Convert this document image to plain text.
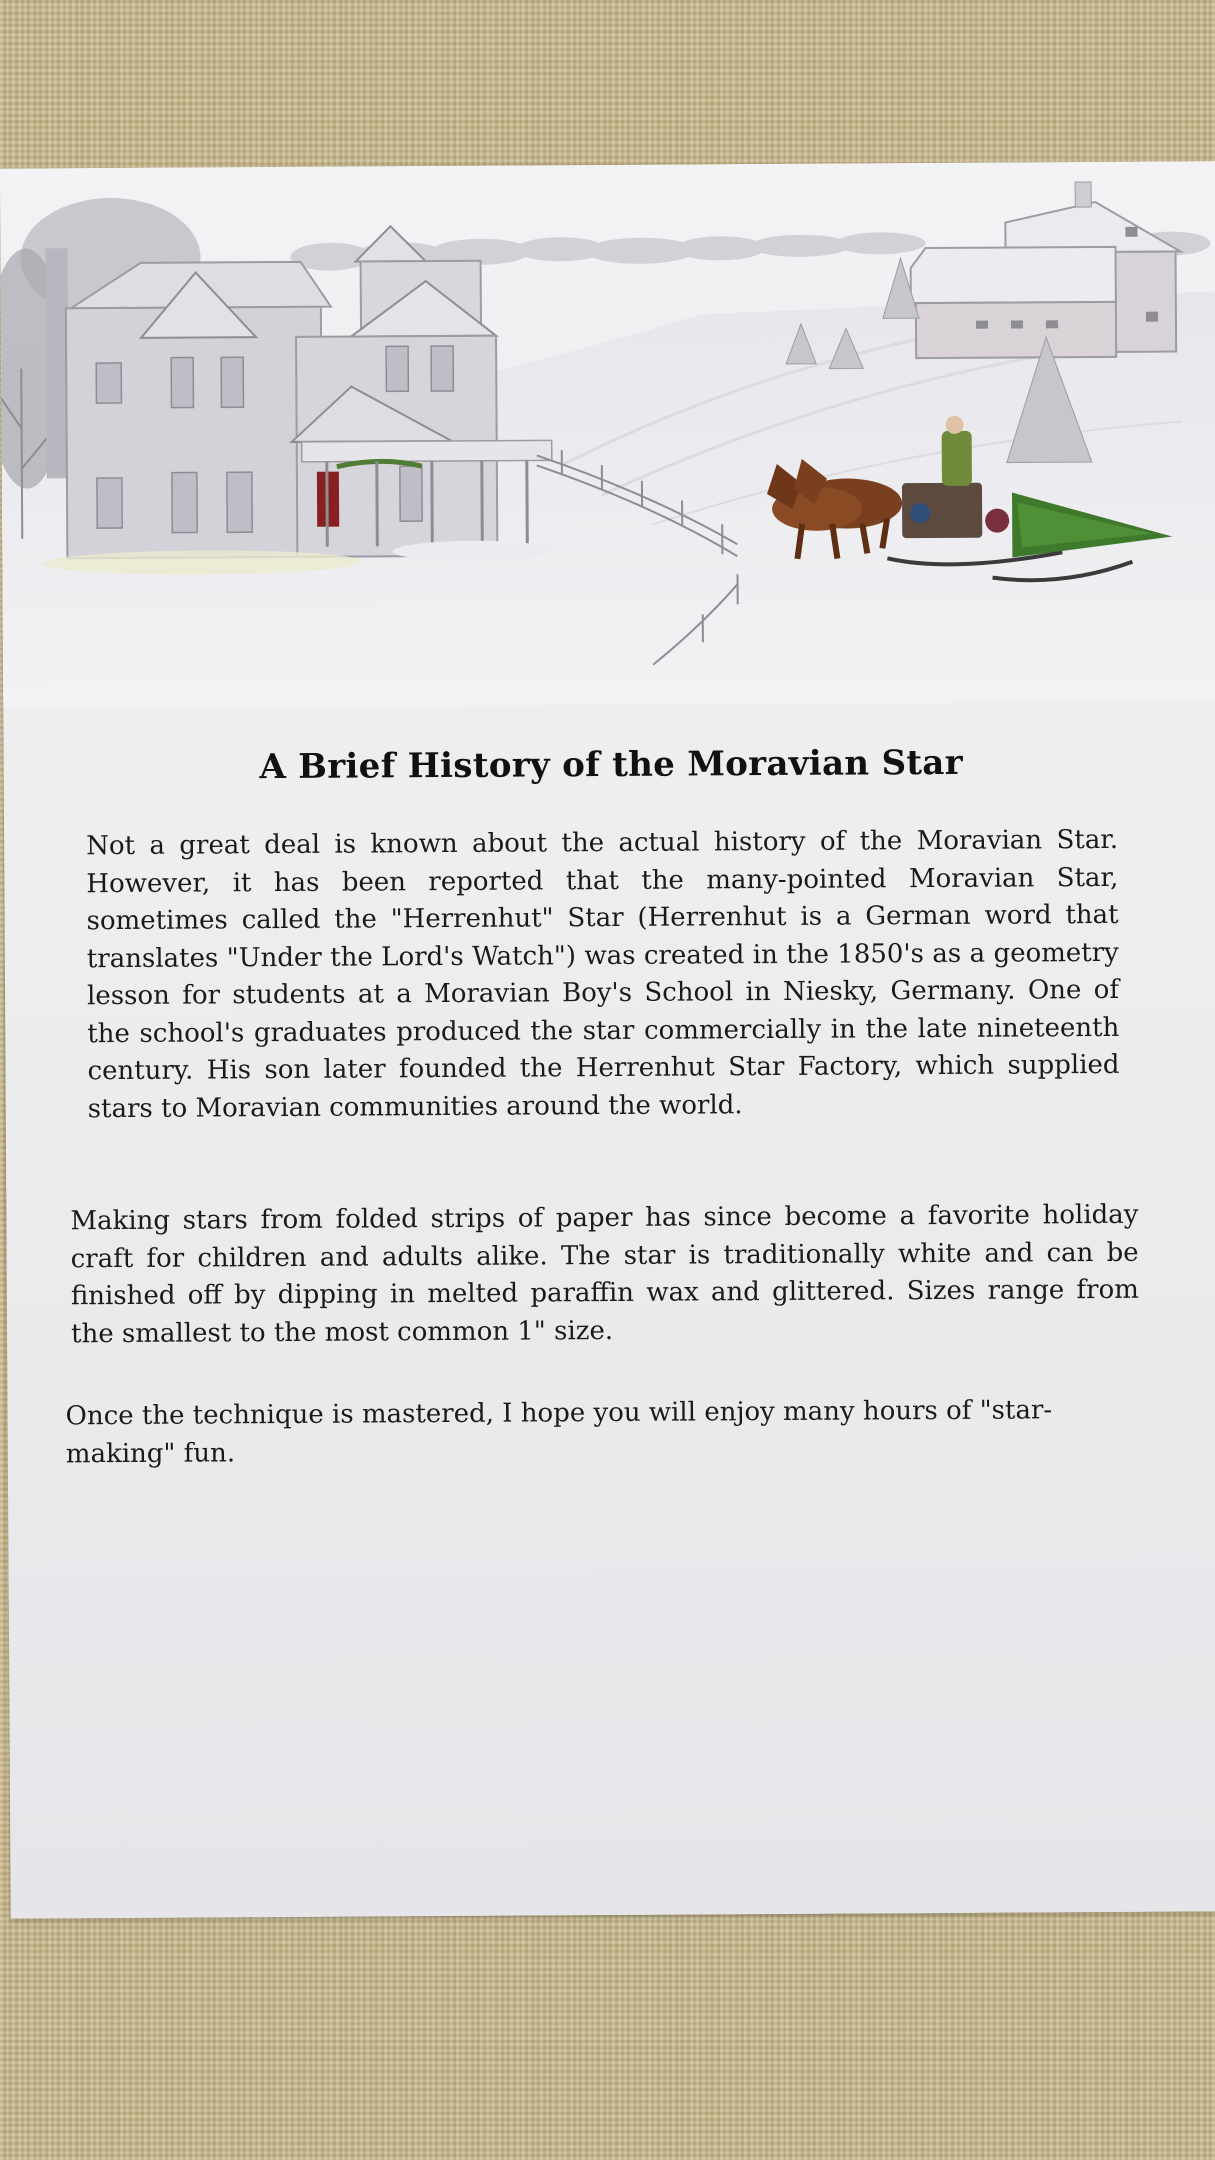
A Brief History of the Moravian Star
Not a great deal is known about the actual history of the Moravian Star. However, it has been reported that the many-pointed Moravian Star, sometimes called the "Herrenhut" Star (Herrenhut is a German word that translates "Under the Lord's Watch") was created in the 1850's as a geometry lesson for students at a Moravian Boy's School in Niesky, Germany. One of the school's graduates produced the star commercially in the late nineteenth century. His son later founded the Herrenhut Star Factory, which supplied stars to Moravian communities around the world.
Making stars from folded strips of paper has since become a favorite holiday craft for children and adults alike. The star is traditionally white and can be finished off by dipping in melted paraffin wax and glittered. Sizes range from the smallest to the most common 1" size.
Once the technique is mastered, I hope you will enjoy many hours of "star-making" fun.
